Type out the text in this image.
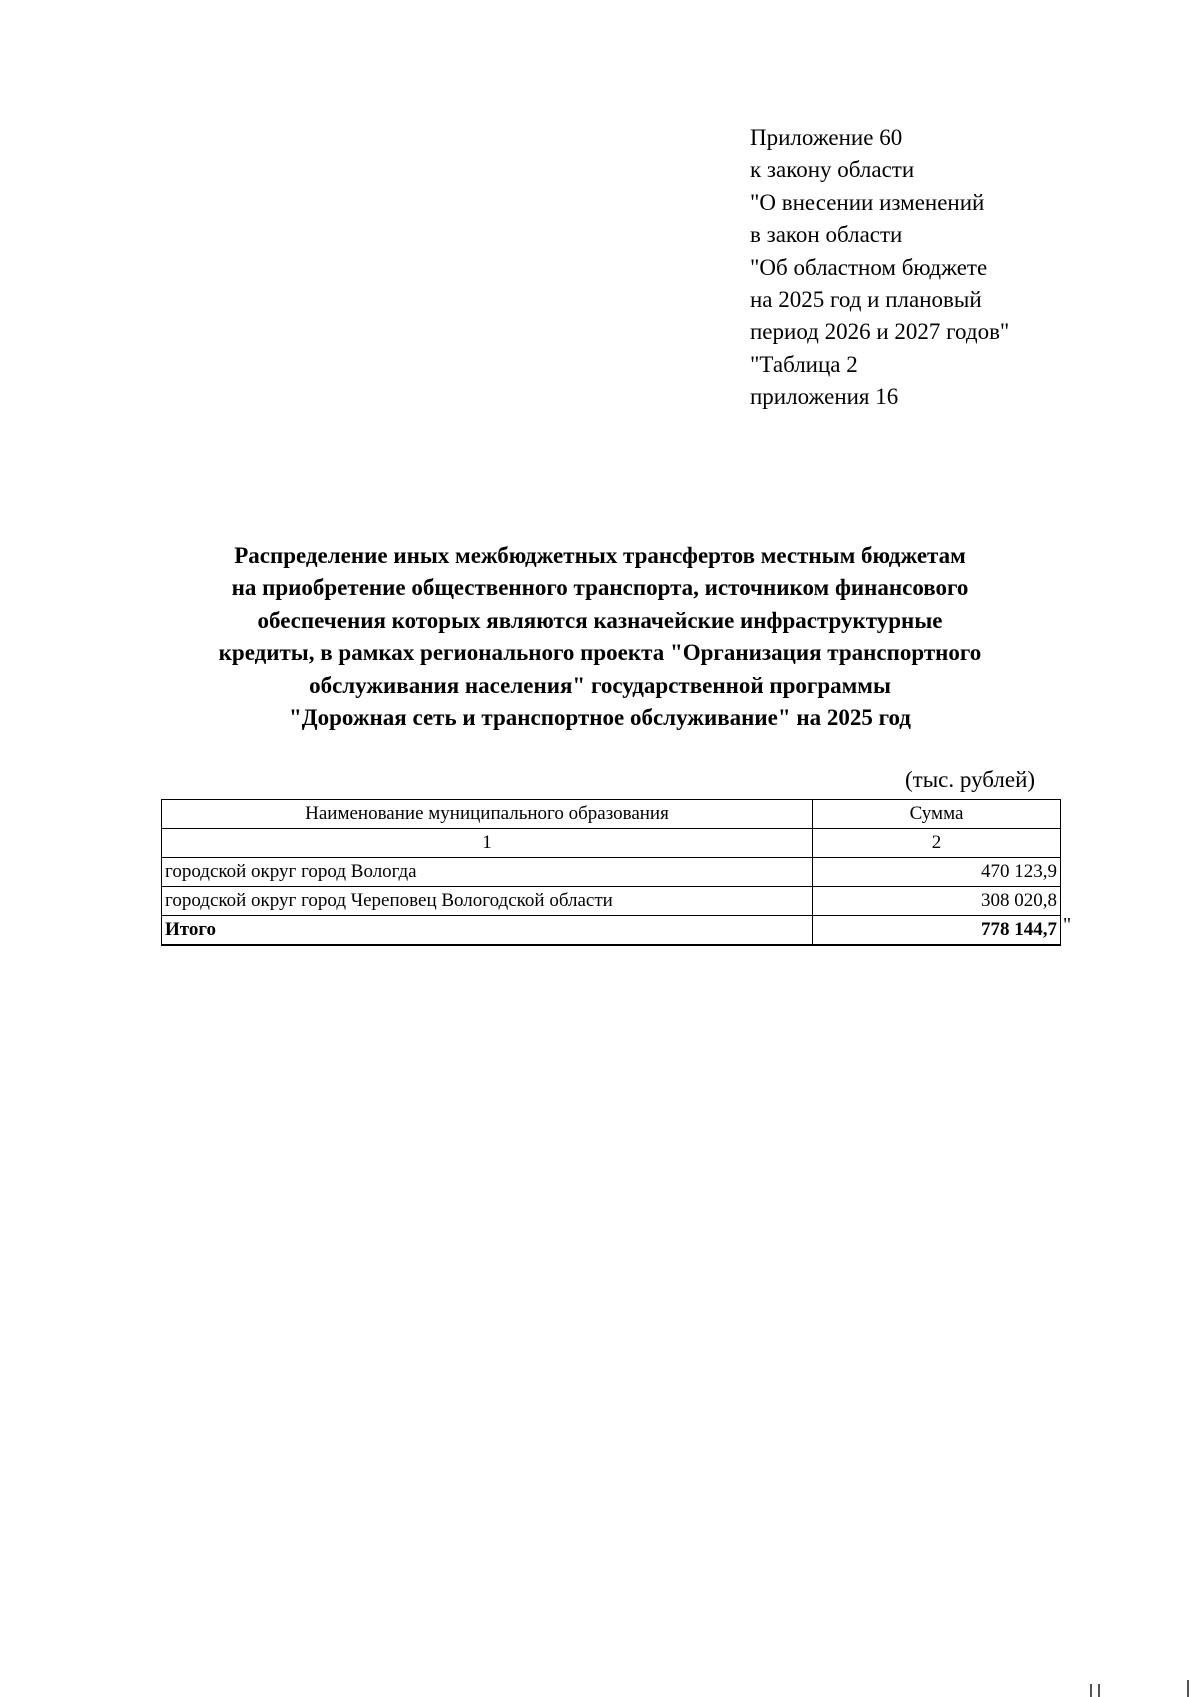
Приложение 60
к закону области
"О внесении изменений
в закон области
"Об областном бюджете
на 2025 год и плановый
период 2026 и 2027 годов"
"Таблица 2
приложения 16
Распределение иных межбюджетных трансфертов местным бюджетам
на приобретение общественного транспорта, источником финансового
обеспечения которых являются казначейские инфраструктурные
кредиты, в рамках регионального проекта "Организация транспортного
обслуживания населения" государственной программы
"Дорожная сеть и транспортное обслуживание" на 2025 год
(тыс. рублей)
Наименование муниципального образования	Сумма
1	2
городской округ город Вологда	470 123,9
городской округ город Череповец Вологодской области	308 020,8
Итого	778 144,7 "
